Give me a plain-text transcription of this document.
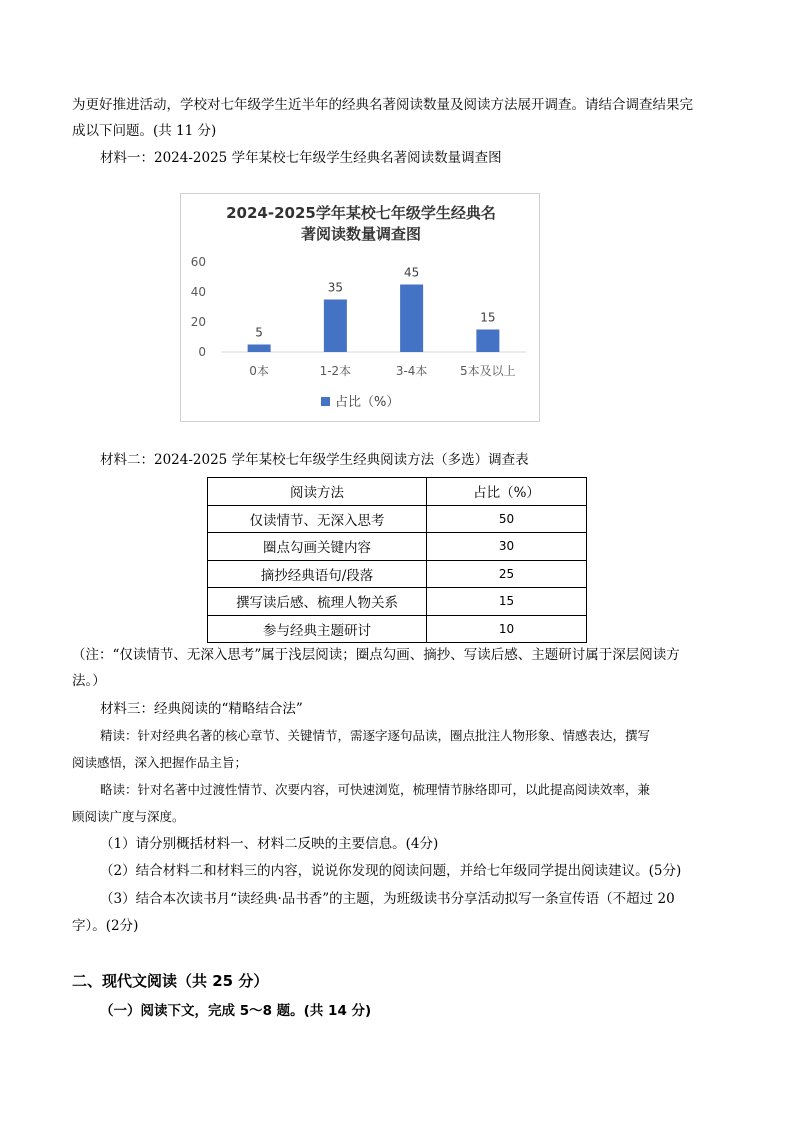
为更好推进活动，学校对七年级学生近半年的经典名著阅读数量及阅读方法展开调查。请结合调查结果完

成以下问题。(共 11 分)

材料一：2024-2025 学年某校七年级学生经典名著阅读数量调查图

2024-2025学年某校七年级学生经典名
著阅读数量调查图
0
20
40
60
5
0本
35
1-2本
45
3-4本
15
5本及以上
占比（%）

材料二：2024-2025 学年某校七年级学生经典阅读方法（多选）调查表

阅读方法	占比（%）
仅读情节、无深入思考	50
圈点勾画关键内容	30
摘抄经典语句/段落	25
撰写读后感、梳理人物关系	15
参与经典主题研讨	10

（注：“仅读情节、无深入思考”属于浅层阅读；圈点勾画、摘抄、写读后感、主题研讨属于深层阅读方

法。）

材料三：经典阅读的“精略结合法”

精读：针对经典名著的核心章节、关键情节，需逐字逐句品读，圈点批注人物形象、情感表达，撰写

阅读感悟，深入把握作品主旨；

略读：针对名著中过渡性情节、次要内容，可快速浏览，梳理情节脉络即可，以此提高阅读效率，兼

顾阅读广度与深度。

（1）请分别概括材料一、材料二反映的主要信息。(4分)

（2）结合材料二和材料三的内容，说说你发现的阅读问题，并给七年级同学提出阅读建议。(5分)

（3）结合本次读书月“读经典·品书香”的主题，为班级读书分享活动拟写一条宣传语（不超过 20

字）。(2分)

二、现代文阅读（共 25 分）

（一）阅读下文，完成 5～8 题。(共 14 分)
